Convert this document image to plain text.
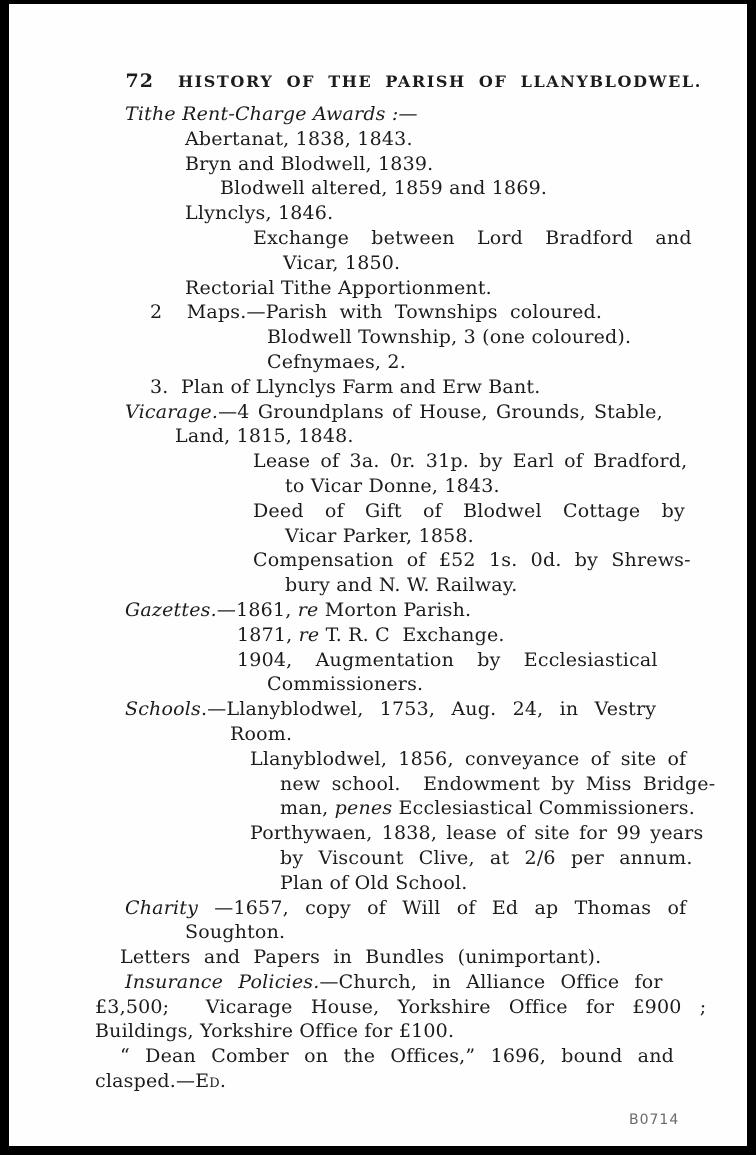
72 HISTORY OF THE PARISH OF LLANYBLODWEL.

Tithe Rent-Charge Awards :—
Abertanat, 1838, 1843.
Bryn and Blodwell, 1839.
Blodwell altered, 1859 and 1869.
Llynclys, 1846.
Exchange between Lord Bradford and
Vicar, 1850.
Rectorial Tithe Apportionment.
2  Maps.—Parish with Townships coloured.
Blodwell Township, 3 (one coloured).
Cefnymaes, 2.
3.  Plan of Llynclys Farm and Erw Bant.
Vicarage.—4 Groundplans of House, Grounds, Stable,
Land, 1815, 1848.
Lease of 3a. 0r. 31p. by Earl of Bradford,
to Vicar Donne, 1843.
Deed of Gift of Blodwel Cottage by
Vicar Parker, 1858.
Compensation of £52 1s. 0d. by Shrews-
bury and N. W. Railway.
Gazettes.—1861, re Morton Parish.
1871, re T. R. C  Exchange.
1904, Augmentation by Ecclesiastical
Commissioners.
Schools.—Llanyblodwel, 1753, Aug. 24, in Vestry
Room.
Llanyblodwel, 1856, conveyance of site of
new school.  Endowment by Miss Bridge-
man, penes Ecclesiastical Commissioners.
Porthywaen, 1838, lease of site for 99 years
by Viscount Clive, at 2/6 per annum.
Plan of Old School.
Charity —1657, copy of Will of Ed ap Thomas of
Soughton.
Letters and Papers in Bundles (unimportant).
Insurance Policies.—Church, in Alliance Office for
£3,500;  Vicarage House, Yorkshire Office for £900 ;
Buildings, Yorkshire Office for £100.
“ Dean Comber on the Offices,” 1696, bound and
clasped.—Ed.
B0714
